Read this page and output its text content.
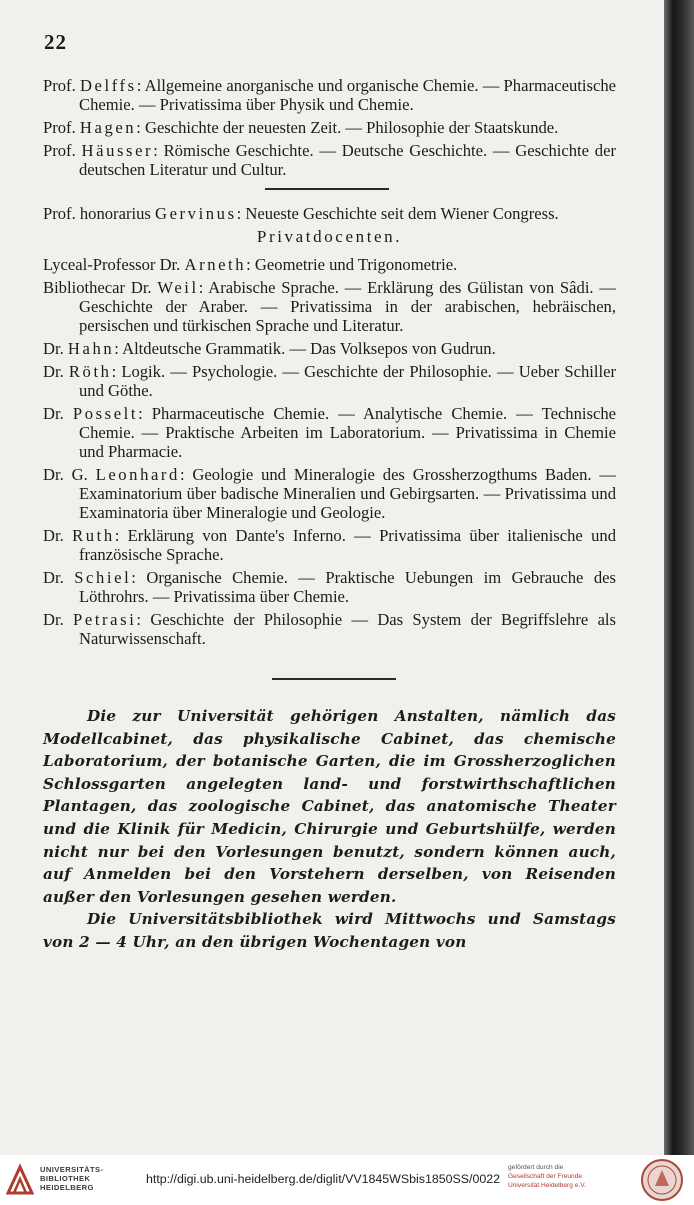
22
Prof. Delffs: Allgemeine anorganische und organische Chemie. — Pharmaceutische Chemie. — Privatissima über Physik und Chemie.
Prof. Hagen: Geschichte der neuesten Zeit. — Philosophie der Staatskunde.
Prof. Häusser: Römische Geschichte. — Deutsche Geschichte. — Geschichte der deutschen Literatur und Cultur.
Prof. honorarius Gervinus: Neueste Geschichte seit dem Wiener Congress.
Privatdocenten.
Lyceal-Professor Dr. Arneth: Geometrie und Trigonometrie.
Bibliothecar Dr. Weil: Arabische Sprache. — Erklärung des Gülistan von Sâdi. — Geschichte der Araber. — Privatissima in der arabischen, hebräischen, persischen und türkischen Sprache und Literatur.
Dr. Hahn: Altdeutsche Grammatik. — Das Volksepos von Gudrun.
Dr. Röth: Logik. — Psychologie. — Geschichte der Philosophie. — Ueber Schiller und Göthe.
Dr. Posselt: Pharmaceutische Chemie. — Analytische Chemie. — Technische Chemie. — Praktische Arbeiten im Laboratorium. — Privatissima in Chemie und Pharmacie.
Dr. G. Leonhard: Geologie und Mineralogie des Grossherzogthums Baden. — Examinatorium über badische Mineralien und Gebirgsarten. — Privatissima und Examinatoria über Mineralogie und Geologie.
Dr. Ruth: Erklärung von Dante's Inferno. — Privatissima über italienische und französische Sprache.
Dr. Schiel: Organische Chemie. — Praktische Uebungen im Gebrauche des Löthrohrs. — Privatissima über Chemie.
Dr. Petrasi: Geschichte der Philosophie — Das System der Begriffslehre als Naturwissenschaft.

Die zur Universität gehörigen Anstalten, nämlich das Modellcabinet, das physikalische Cabinet, das chemische Laboratorium, der botanische Garten, die im Grossherzoglichen Schlossgarten angelegten land- und forstwirthschaftlichen Plantagen, das zoologische Cabinet, das anatomische Theater und die Klinik für Medicin, Chirurgie und Geburtshülfe, werden nicht nur bei den Vorlesungen benutzt, sondern können auch, auf Anmelden bei den Vorstehern derselben, von Reisenden außer den Vorlesungen gesehen werden.

Die Universitätsbibliothek wird Mittwochs und Samstags von 2 — 4 Uhr, an den übrigen Wochentagen von

UNIVERSITÄTS-
BIBLIOTHEK
HEIDELBERG
http://digi.ub.uni-heidelberg.de/diglit/VV1845WSbis1850SS/0022
gefördert durch die
Gesellschaft der Freunde
Universität Heidelberg e.V.
